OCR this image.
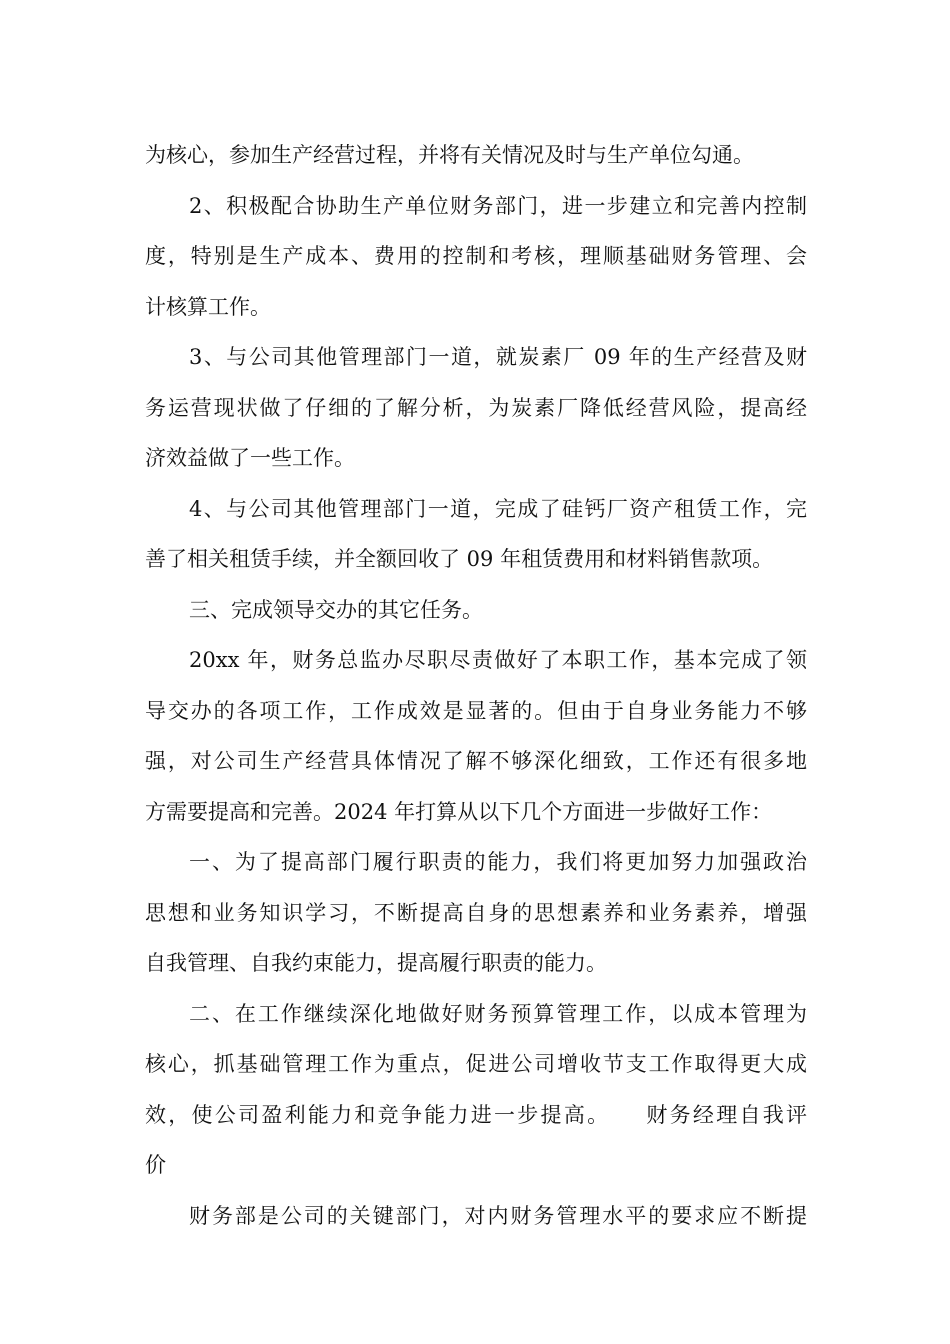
为核心，参加生产经营过程，并将有关情况及时与生产单位勾通。
2、积极配合协助生产单位财务部门，进一步建立和完善内控制
度，特别是生产成本、费用的控制和考核，理顺基础财务管理、会
计核算工作。
3、与公司其他管理部门一道，就炭素厂 09 年的生产经营及财
务运营现状做了仔细的了解分析，为炭素厂降低经营风险，提高经
济效益做了一些工作。
4、与公司其他管理部门一道，完成了硅钙厂资产租赁工作，完
善了相关租赁手续，并全额回收了 09 年租赁费用和材料销售款项。
三、完成领导交办的其它任务。
20xx 年，财务总监办尽职尽责做好了本职工作，基本完成了领
导交办的各项工作，工作成效是显著的。但由于自身业务能力不够
强，对公司生产经营具体情况了解不够深化细致，工作还有很多地
方需要提高和完善。2024 年打算从以下几个方面进一步做好工作：
一、为了提高部门履行职责的能力，我们将更加努力加强政治
思想和业务知识学习，不断提高自身的思想素养和业务素养，增强
自我管理、自我约束能力，提高履行职责的能力。
二、在工作继续深化地做好财务预算管理工作，以成本管理为
核心，抓基础管理工作为重点，促进公司增收节支工作取得更大成
效，使公司盈利能力和竞争能力进一步提高。　　财务经理自我评
价
财务部是公司的关键部门，对内财务管理水平的要求应不断提
